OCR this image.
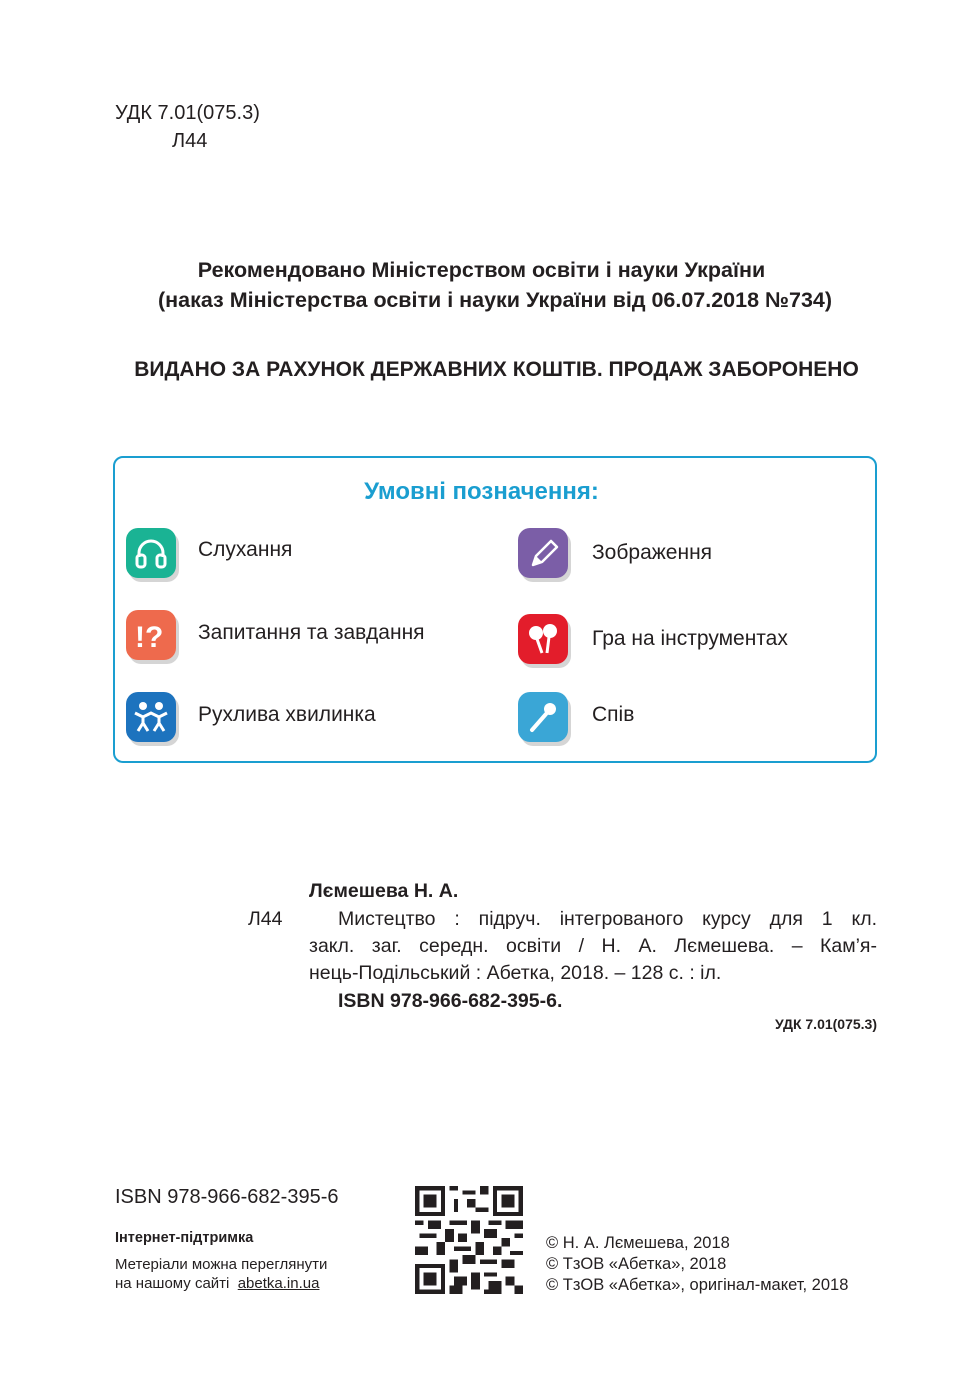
УДК 7.01(075.3)
Л44
Рекомендовано Міністерством освіти і науки України
(наказ Міністерства освіти і науки України від 06.07.2018 №734)
ВИДАНО ЗА РАХУНОК ДЕРЖАВНИХ КОШТІВ. ПРОДАЖ ЗАБОРОНЕНО
Умовні позначення:
Слухання	Зображення
!? Запитання та завдання	Гра на інструментах
Рухлива хвилинка	Спів
Лємешева Н. А.
Л44	Мистецтво : підруч. інтегрованого курсу для 1 кл.
закл. заг. середн. освіти / Н. А. Лємешева. – Кам’я-
нець-Подільський : Абетка, 2018. – 128 с. : іл.
ISBN 978-966-682-395-6.
УДК 7.01(075.3)
ISBN 978-966-682-395-6
Інтернет-підтримка
Метеріали можна переглянути
на нашому сайті abetka.in.ua
© Н. А. Лємешева, 2018
© ТзОВ «Абетка», 2018
© ТзОВ «Абетка», оригінал-макет, 2018
